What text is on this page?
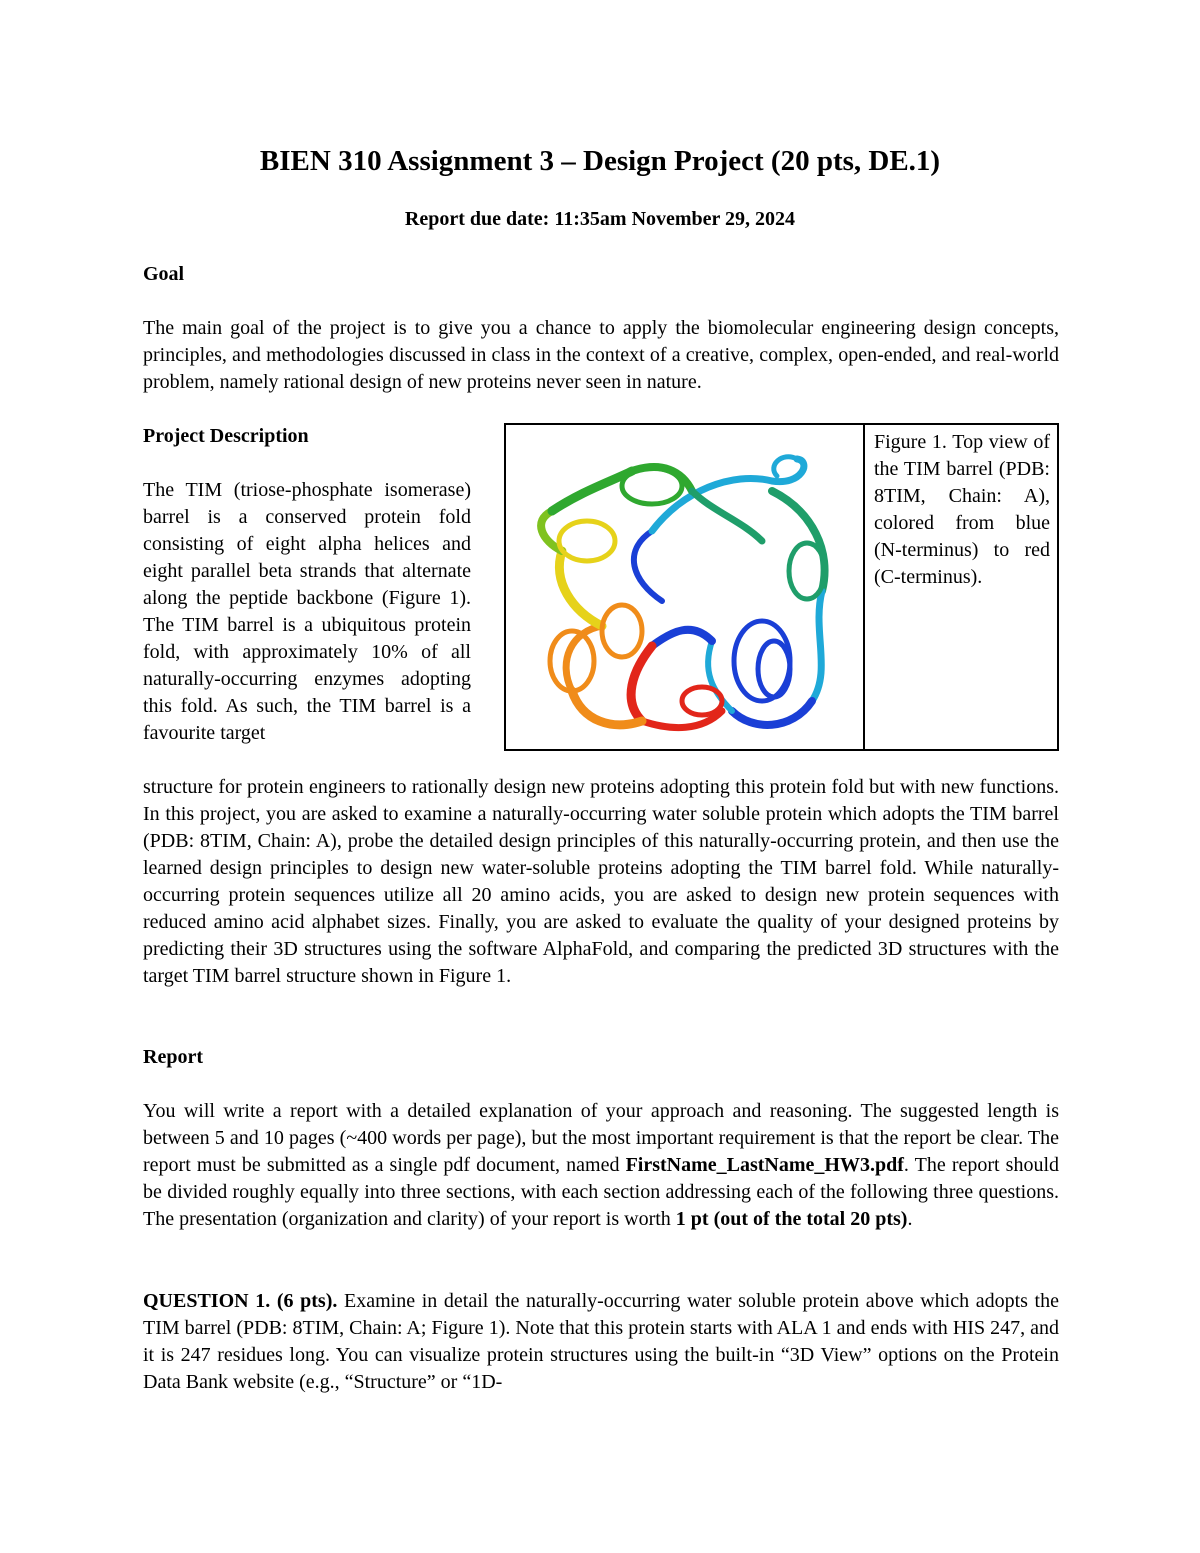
BIEN 310 Assignment 3 – Design Project (20 pts, DE.1)
Report due date: 11:35am November 29, 2024
Goal
The main goal of the project is to give you a chance to apply the biomolecular engineering design concepts, principles, and methodologies discussed in class in the context of a creative, complex, open-ended, and real-world problem, namely rational design of new proteins never seen in nature.
Project Description
The TIM (triose-phosphate isomerase) barrel is a conserved protein fold consisting of eight alpha helices and eight parallel beta strands that alternate along the peptide backbone (Figure 1). The TIM barrel is a ubiquitous protein fold, with approximately 10% of all naturally-occurring enzymes adopting this fold. As such, the TIM barrel is a favourite target
Figure 1. Top view of the TIM barrel (PDB: 8TIM, Chain: A), colored from blue (N-terminus) to red (C-terminus).
structure for protein engineers to rationally design new proteins adopting this protein fold but with new functions. In this project, you are asked to examine a naturally-occurring water soluble protein which adopts the TIM barrel (PDB: 8TIM, Chain: A), probe the detailed design principles of this naturally-occurring protein, and then use the learned design principles to design new water-soluble proteins adopting the TIM barrel fold. While naturally-occurring protein sequences utilize all 20 amino acids, you are asked to design new protein sequences with reduced amino acid alphabet sizes. Finally, you are asked to evaluate the quality of your designed proteins by predicting their 3D structures using the software AlphaFold, and comparing the predicted 3D structures with the target TIM barrel structure shown in Figure 1.
Report
You will write a report with a detailed explanation of your approach and reasoning. The suggested length is between 5 and 10 pages (~400 words per page), but the most important requirement is that the report be clear. The report must be submitted as a single pdf document, named FirstName_LastName_HW3.pdf. The report should be divided roughly equally into three sections, with each section addressing each of the following three questions. The presentation (organization and clarity) of your report is worth 1 pt (out of the total 20 pts).
QUESTION 1. (6 pts). Examine in detail the naturally-occurring water soluble protein above which adopts the TIM barrel (PDB: 8TIM, Chain: A; Figure 1). Note that this protein starts with ALA 1 and ends with HIS 247, and it is 247 residues long. You can visualize protein structures using the built-in “3D View” options on the Protein Data Bank website (e.g., “Structure” or “1D-
